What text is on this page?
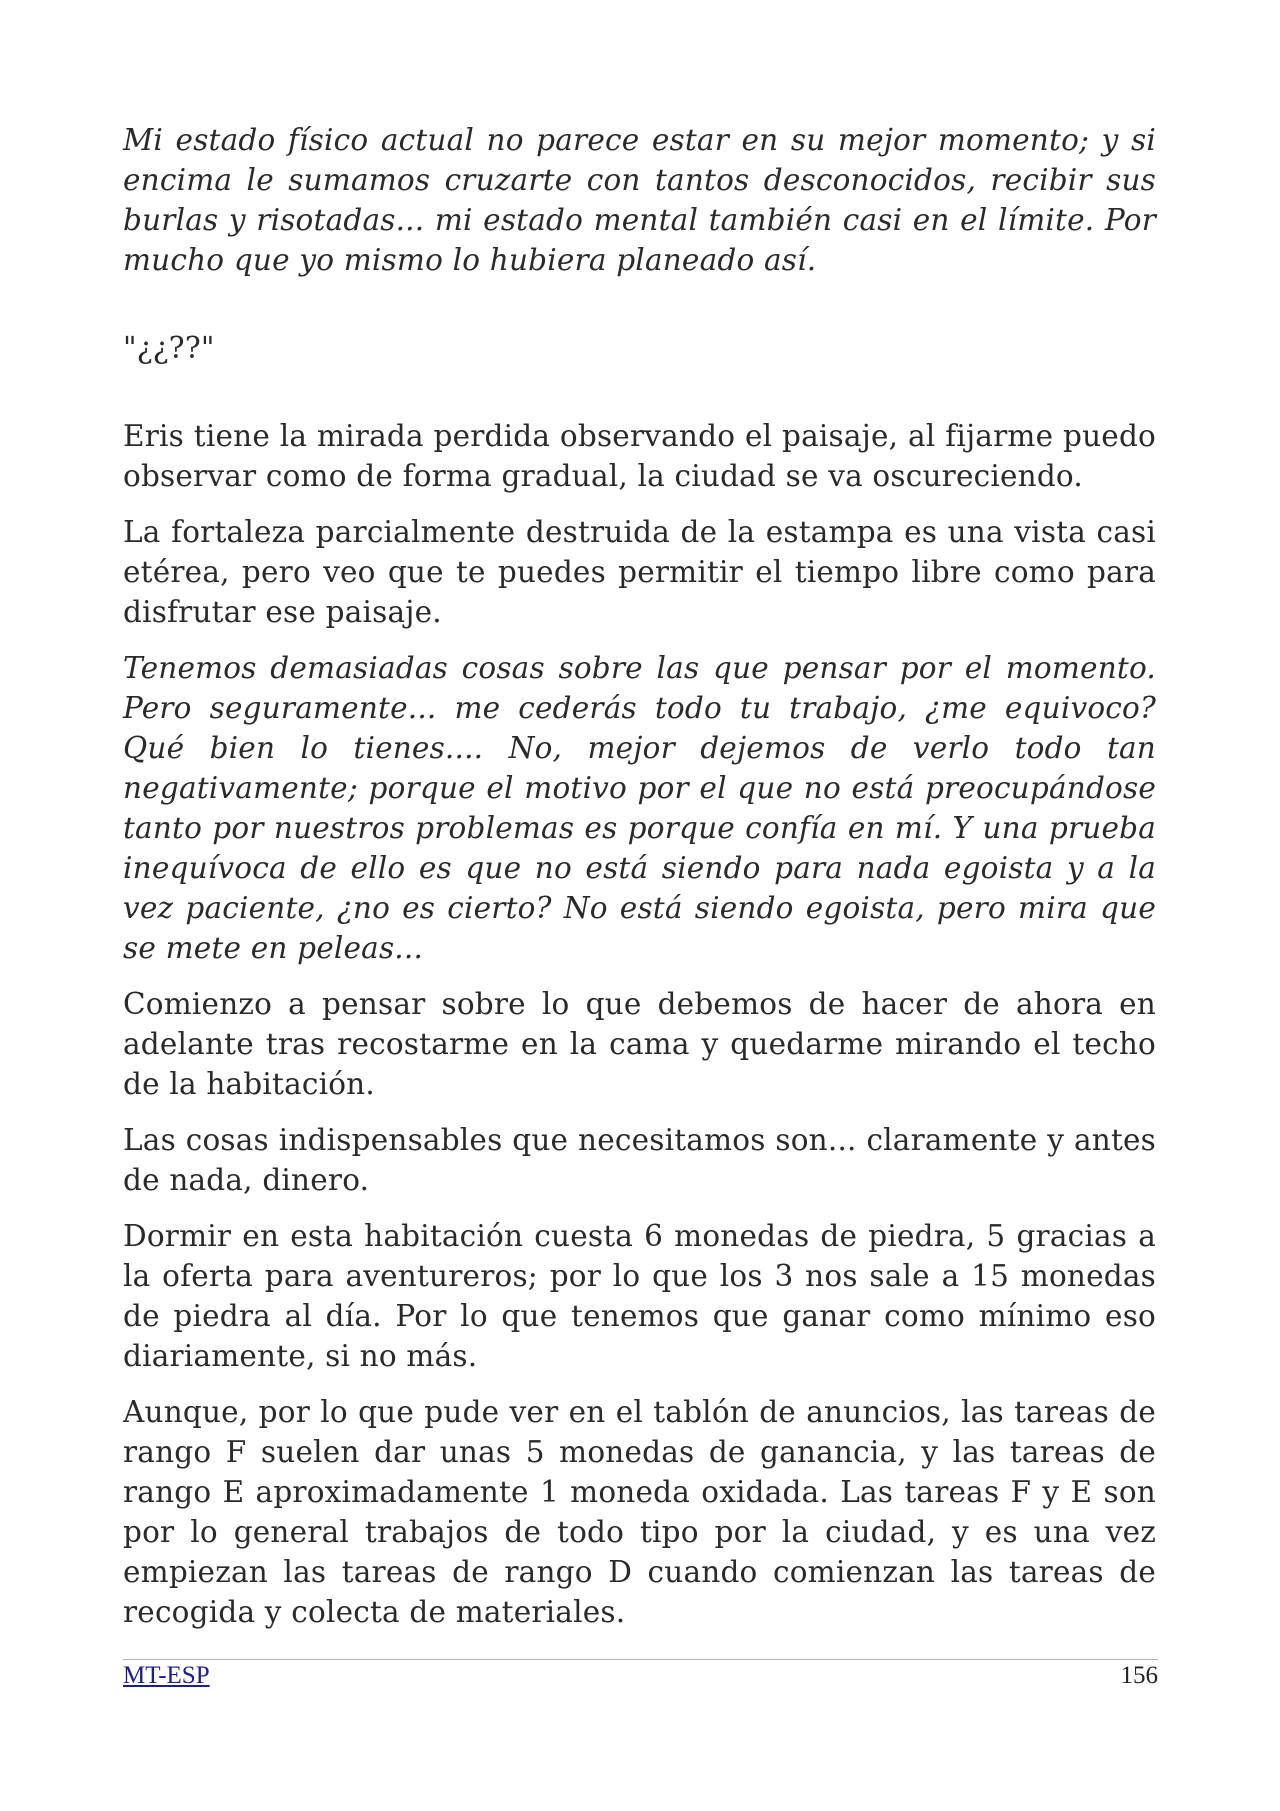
Mi estado físico actual no parece estar en su mejor momento; y si encima le sumamos cruzarte con tantos desconocidos, recibir sus burlas y risotadas... mi estado mental también casi en el límite. Por mucho que yo mismo lo hubiera planeado así.

"¿¿??"

Eris tiene la mirada perdida observando el paisaje, al fijarme puedo observar como de forma gradual, la ciudad se va oscureciendo.

La fortaleza parcialmente destruida de la estampa es una vista casi etérea, pero veo que te puedes permitir el tiempo libre como para disfrutar ese paisaje.

Tenemos demasiadas cosas sobre las que pensar por el momento. Pero seguramente... me cederás todo tu trabajo, ¿me equivoco? Qué bien lo tienes.... No, mejor dejemos de verlo todo tan negativamente; porque el motivo por el que no está preocupándose tanto por nuestros problemas es porque confía en mí. Y una prueba inequívoca de ello es que no está siendo para nada egoista y a la vez paciente, ¿no es cierto? No está siendo egoista, pero mira que se mete en peleas...

Comienzo a pensar sobre lo que debemos de hacer de ahora en adelante tras recostarme en la cama y quedarme mirando el techo de la habitación.

Las cosas indispensables que necesitamos son... claramente y antes de nada, dinero.

Dormir en esta habitación cuesta 6 monedas de piedra, 5 gracias a la oferta para aventureros; por lo que los 3 nos sale a 15 monedas de piedra al día. Por lo que tenemos que ganar como mínimo eso diariamente, si no más.

Aunque, por lo que pude ver en el tablón de anuncios, las tareas de rango F suelen dar unas 5 monedas de ganancia, y las tareas de rango E aproximadamente 1 moneda oxidada. Las tareas F y E son por lo general trabajos de todo tipo por la ciudad, y es una vez empiezan las tareas de rango D cuando comienzan las tareas de recogida y colecta de materiales.

MT-ESP	156
